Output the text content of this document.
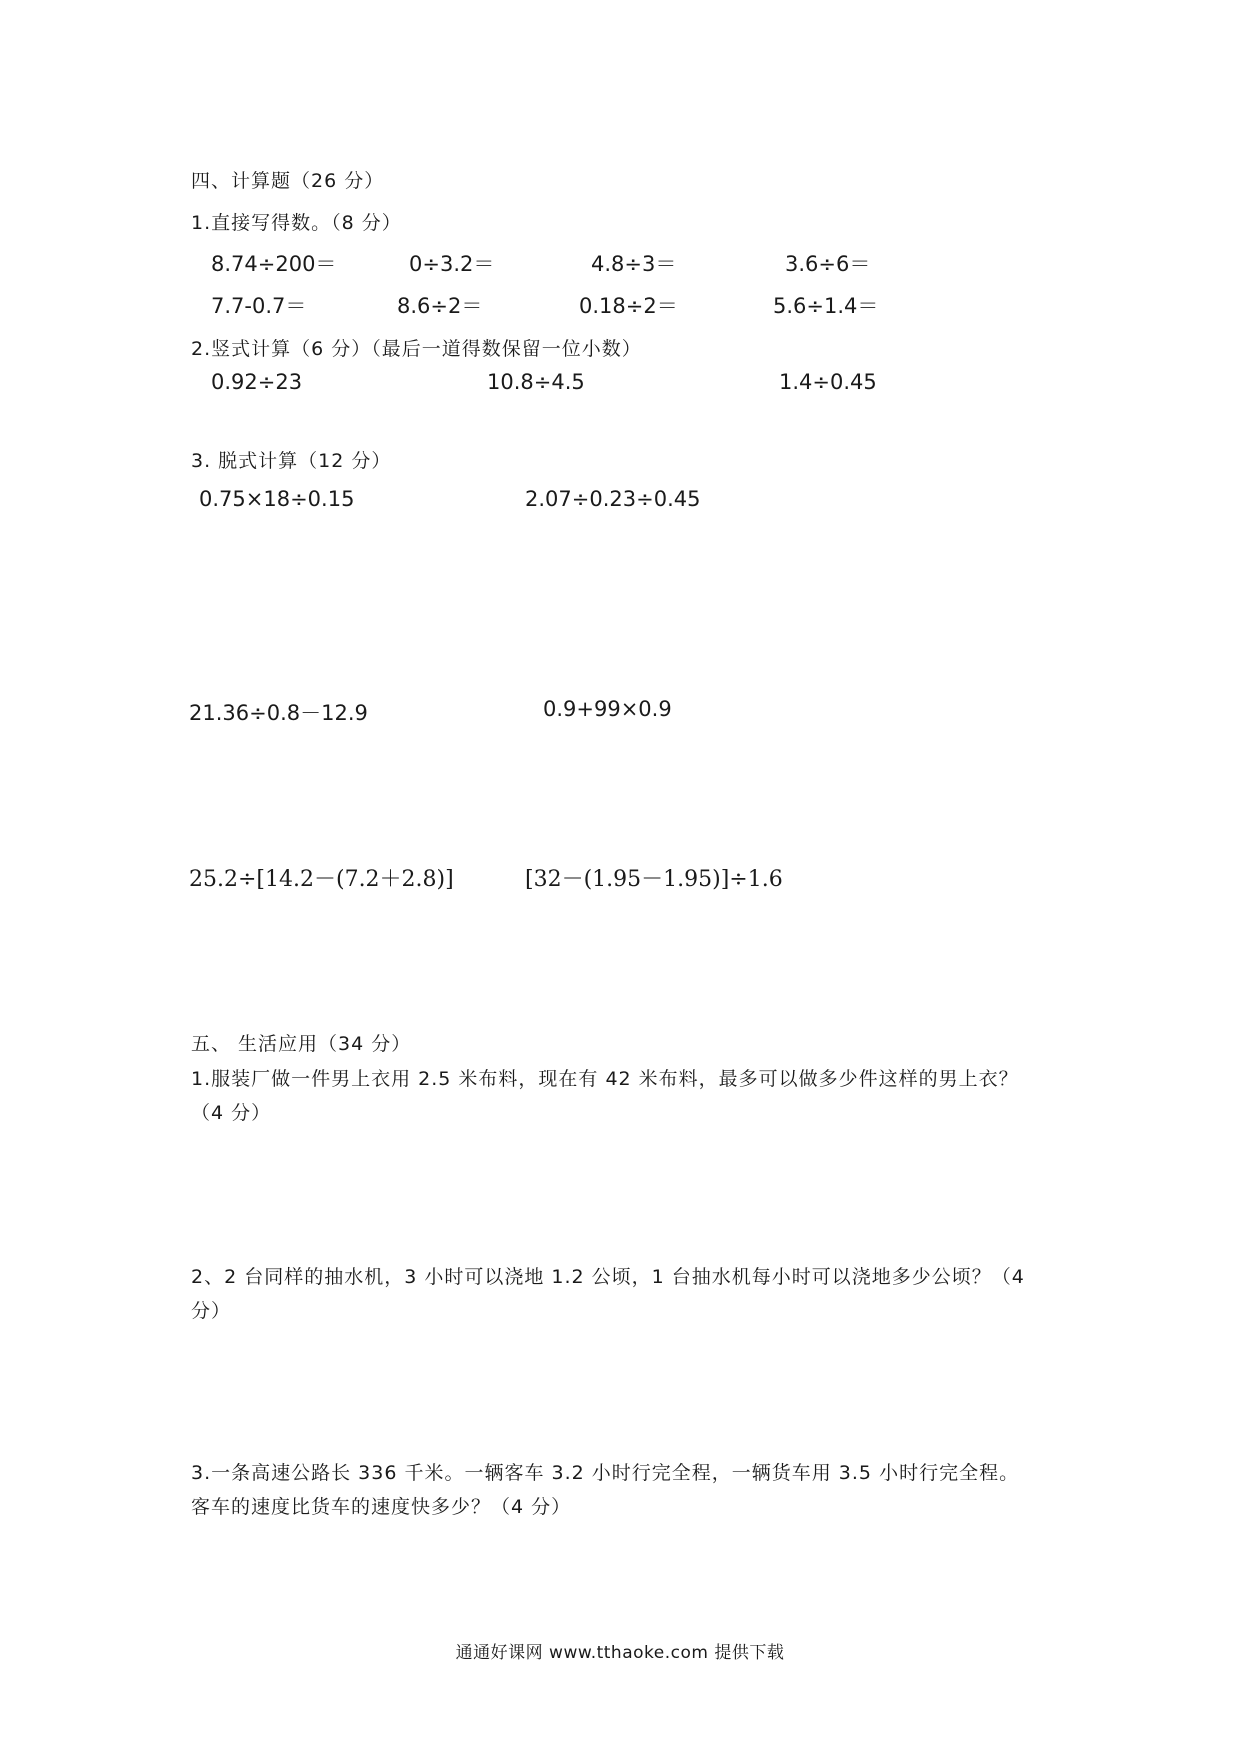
四、计算题（26 分）
1.直接写得数。（8 分）
8.74÷200＝	0÷3.2＝	4.8÷3＝	3.6÷6＝
7.7-0.7＝	8.6÷2＝	0.18÷2＝	5.6÷1.4＝
2.竖式计算（6 分）（最后一道得数保留一位小数）
0.92÷23	10.8÷4.5	1.4÷0.45
3. 脱式计算（12 分）
0.75×18÷0.15	2.07÷0.23÷0.45
21.36÷0.8－12.9	0.9+99×0.9
25.2÷[14.2－(7.2＋2.8)]	[32－(1.95－1.95)]÷1.6
五、 生活应用（34 分）
1.服装厂做一件男上衣用 2.5 米布料，现在有 42 米布料，最多可以做多少件这样的男上衣？
（4 分）
2、2 台同样的抽水机，3 小时可以浇地 1.2 公顷，1 台抽水机每小时可以浇地多少公顷？（4
分）
3.一条高速公路长 336 千米。一辆客车 3.2 小时行完全程，一辆货车用 3.5 小时行完全程。
客车的速度比货车的速度快多少？（4 分）
通通好课网 www.tthaoke.com 提供下载
